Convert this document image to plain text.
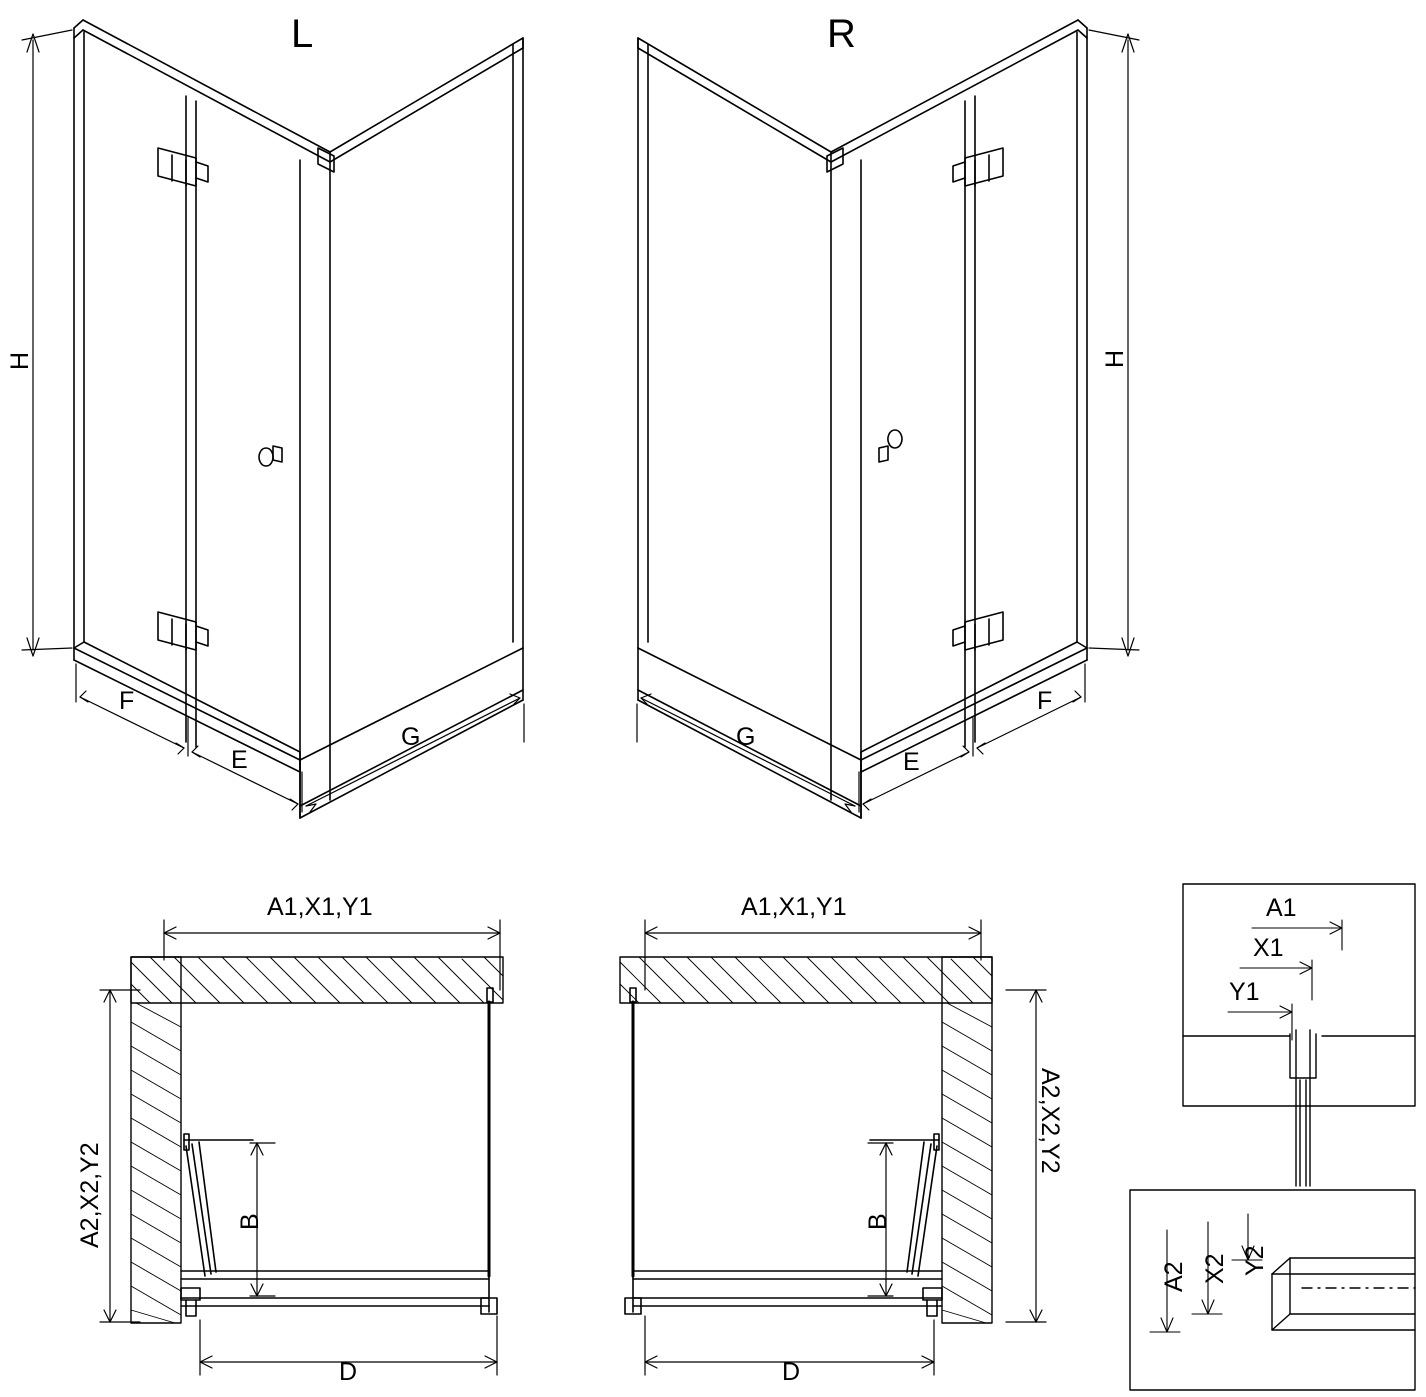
L	R
H	H
F
E
G
F
E
G
A1,X1,Y1
A2,X2,Y2	B
D
A1,X1,Y1
A2,X2,Y2
B
D
A1
X1
Y1
A2 X2 Y2
